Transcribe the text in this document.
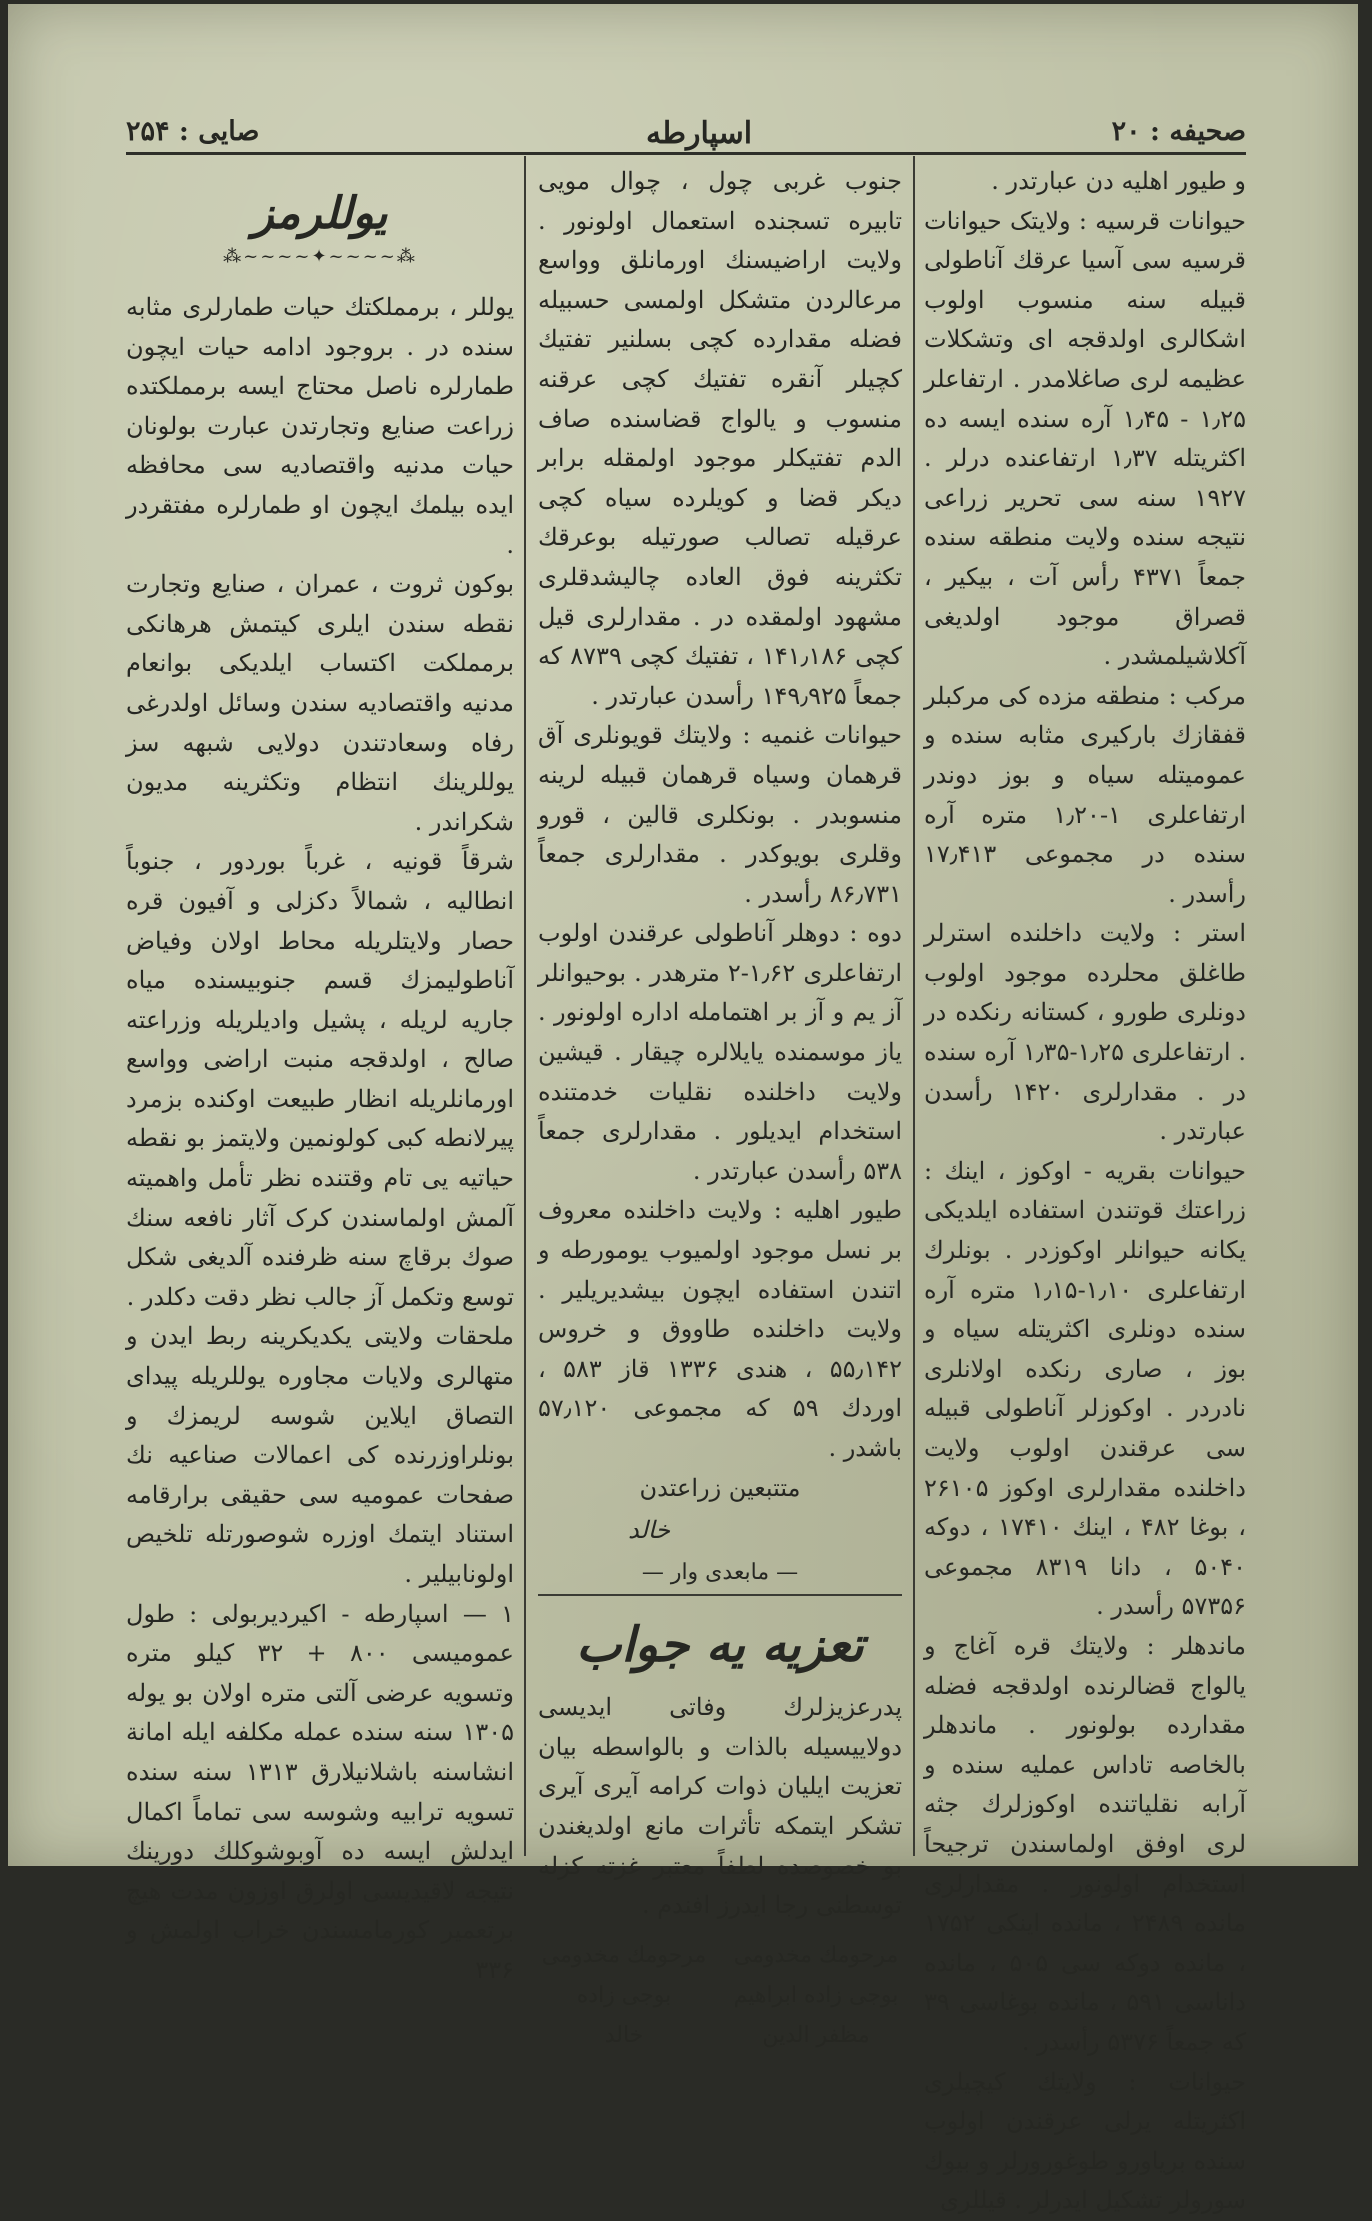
صحیفه : ۲۰
اسپارطه
صایی : ۲۵۴

و طیور اهلیه دن عبارتدر .

حیوانات قرسیه : ولایتک حیوانات قرسیه سی آسیا عرقك آناطولی قبیله سنه منسوب اولوب اشکالری اولدقجه ای وتشکلات عظیمه لری صاغلامدر . ارتفاعلر ۱٫۲۵ - ۱٫۴۵ آره سنده ایسه ده اکثریتله ۱٫۳۷ ارتفاعنده درلر . ۱۹۲۷ سنه سی تحریر زراعی نتیجه سنده ولایت منطقه سنده جمعاً ۴۳۷۱ رأس آت ، بیکیر ، قصراق موجود اولدیغی آکلاشیلمشدر .

مرکب : منطقه مزده کی مرکبلر قفقازك بارکیری مثابه سنده و عمومیتله سیاه و بوز دوندر ارتفاعلری ۱-۱٫۲۰ متره آره سنده در مجموعی ۱۷٫۴۱۳ رأسدر .

استر : ولایت داخلنده استرلر طاغلق محلرده موجود اولوب دونلری طورو ، کستانه رنکده در . ارتفاعلری ۱٫۲۵-۱٫۳۵ آره سنده در . مقدارلری ۱۴۲۰ رأسدن عبارتدر .

حیوانات بقریه - اوکوز ، اینك : زراعتك قوتندن استفاده ایلدیکی یکانه حیوانلر اوکوزدر . بونلرك ارتفاعلری ۱٫۱۰-۱٫۱۵ متره آره سنده دونلری اکثریتله سیاه و بوز ، صاری رنکده اولانلری نادردر . اوکوزلر آناطولی قبیله سی عرقندن اولوب ولایت داخلنده مقدارلری اوکوز ۲۶۱۰۵ ، بوغا ۴۸۲ ، اینك ۱۷۴۱۰ ، دوکه ۵۰۴۰ ، دانا ۸۳۱۹ مجموعی ۵۷۳۵۶ رأسدر .

ماندهلر : ولایتك قره آغاج و یالواج قضالرنده اولدقجه فضله مقدارده بولونور . ماندهلر بالخاصه تاداس عملیه سنده و آرابه نقلیاتنده اوکوزلرك جثه لری اوفق اولماسندن ترجیحاً استخدام اولونور . مقدارلری مانده ۲۴۸۹ ، مانده اینکی ۱۷۵۲ ، مانده دوکه سی ۵۰۵ ، مانده داناسی ۵۹۱ ، مانده بوغاسی ۳۹ که جمعاً ۵۳۷۶ رأسدر .

حیوانات : ولایتك کیچیلری اکثریتله یرلی عرقندن اولوب سنده بریاورو طوغورورلر و بیوك سورولر تشکیل ایدرلر . قیللری

جنوب غربی چول ، چوال مویی تابیره تسجنده استعمال اولونور . ولایت اراضیسنك اورمانلق وواسع مرعالردن متشکل اولمسی حسبیله فضله مقدارده کچی بسلنیر تفتیك کچیلر آنقره تفتیك کچی عرقنه منسوب و یالواج قضاسنده صاف الدم تفتیکلر موجود اولمقله برابر دیکر قضا و کویلرده سیاه کچی عرقیله تصالب صورتیله بوعرقك تکثرینه فوق العاده چالیشدقلری مشهود اولمقده در . مقدارلری قیل کچی ۱۴۱٫۱۸۶ ، تفتیك کچی ۸۷۳۹ که جمعاً ۱۴۹٫۹۲۵ رأسدن عبارتدر .

حیوانات غنمیه : ولایتك قویونلری آق قرهمان وسیاه قرهمان قبیله لرینه منسوبدر . بونکلری قالین ، قورو وقلری بویوکدر . مقدارلری جمعاً ۸۶٫۷۳۱ رأسدر .

دوه : دوهلر آناطولی عرقندن اولوب ارتفاعلری ۱٫۶۲-۲ مترهدر . بوحیوانلر آز یم و آز بر اهتمامله اداره اولونور . یاز موسمنده یایلالره چیقار . قیشین ولایت داخلنده نقلیات خدمتنده استخدام ایدیلور . مقدارلری جمعاً ۵۳۸ رأسدن عبارتدر .

طیور اهلیه : ولایت داخلنده معروف بر نسل موجود اولمیوب یومورطه و اتندن استفاده ایچون بیشدیریلیر . ولایت داخلنده طاووق و خروس ۵۵٫۱۴۲ ، هندی ۱۳۳۶ قاز ۵۸۳ ، اوردك ۵۹ که مجموعی ۵۷٫۱۲۰ باشدر .

متتبعین زراعتدن

خالد
— مابعدی وار —
تعزیه یه جواب

پدرعزیزلرك وفاتی ایدیسی دولاییسیله بالذات و بالواسطه بیان تعزیت ایلیان ذوات کرامه آیری آیری تشکر ایتمکه تأثرات مانع اولدیغندن بو خصوصده لطفاً معتبر غزته کزله توسطنی رجا ایدرز افندم .

مرحومك مخدومی
مرحومك مخدومی
بوجی زاده ابراهیم
بوجی زاده
مظفر الدین
خالد
یوللرمز
⁂~~~~✦~~~~⁂

یوللر ، برمملکتك حیات طمارلری مثابه سنده در . بروجود ادامه حیات ایچون طمارلره ناصل محتاج ایسه برمملکتده زراعت صنایع وتجارتدن عبارت بولونان حیات مدنیه واقتصادیه سی محافظه ایده بیلمك ایچون او طمارلره مفتقردر .

بوکون ثروت ، عمران ، صنایع وتجارت نقطه سندن ایلری کیتمش هرهانکی برمملکت اکتساب ایلدیکی بوانعام مدنیه واقتصادیه سندن وسائل اولدرغی رفاه وسعادتندن دولایی شبهه سز یوللرینك انتظام وتکثرینه مدیون شکراندر .

شرقاً قونیه ، غرباً بوردور ، جنوباً انطالیه ، شمالاً دکزلی و آفیون قره حصار ولایتلریله محاط اولان وفیاض آناطولیمزك قسم جنوبیسنده میاه جاریه لریله ، پشیل وادیلریله وزراعته صالح ، اولدقجه منبت اراضی وواسع اورمانلریله انظار طبیعت اوکنده بزمرد پیرلانطه کبی کولونمین ولایتمز بو نقطه حیاتیه یی تام وقتنده نظر تأمل واهمیته آلمش اولماسندن کرک آثار نافعه سنك صوك برقاچ سنه ظرفنده آلدیغی شکل توسع وتکمل آز جالب نظر دقت دکلدر .

ملحقات ولایتی یکدیکرینه ربط ایدن و متهالری ولایات مجاوره یوللریله پیدای التصاق ایلاین شوسه لریمزك و بونلراوزرنده کی اعمالات صناعیه نك صفحات عمومیه سی حقیقی برارقامه استناد ایتمك اوزره شوصورتله تلخیص اولونابیلیر .

۱ — اسپارطه - اکیردیربولی : طول عمومیسی ۸۰۰ + ۳۲ کیلو متره وتسویه عرضی آلتی متره اولان بو یوله ۱۳۰۵ سنه سنده عمله مکلفه ایله امانة انشاسنه باشلانیلارق ۱۳۱۳ سنه سنده تسویه ترابیه وشوسه سی تماماً اکمال ایدلش ایسه ده آوبوشوکلك دورینك نتیجه لاقیدیسی اولرق اوزون مدت هیچ برتعمیر کورمامسندن خراب اولمش و ۳۳۶
